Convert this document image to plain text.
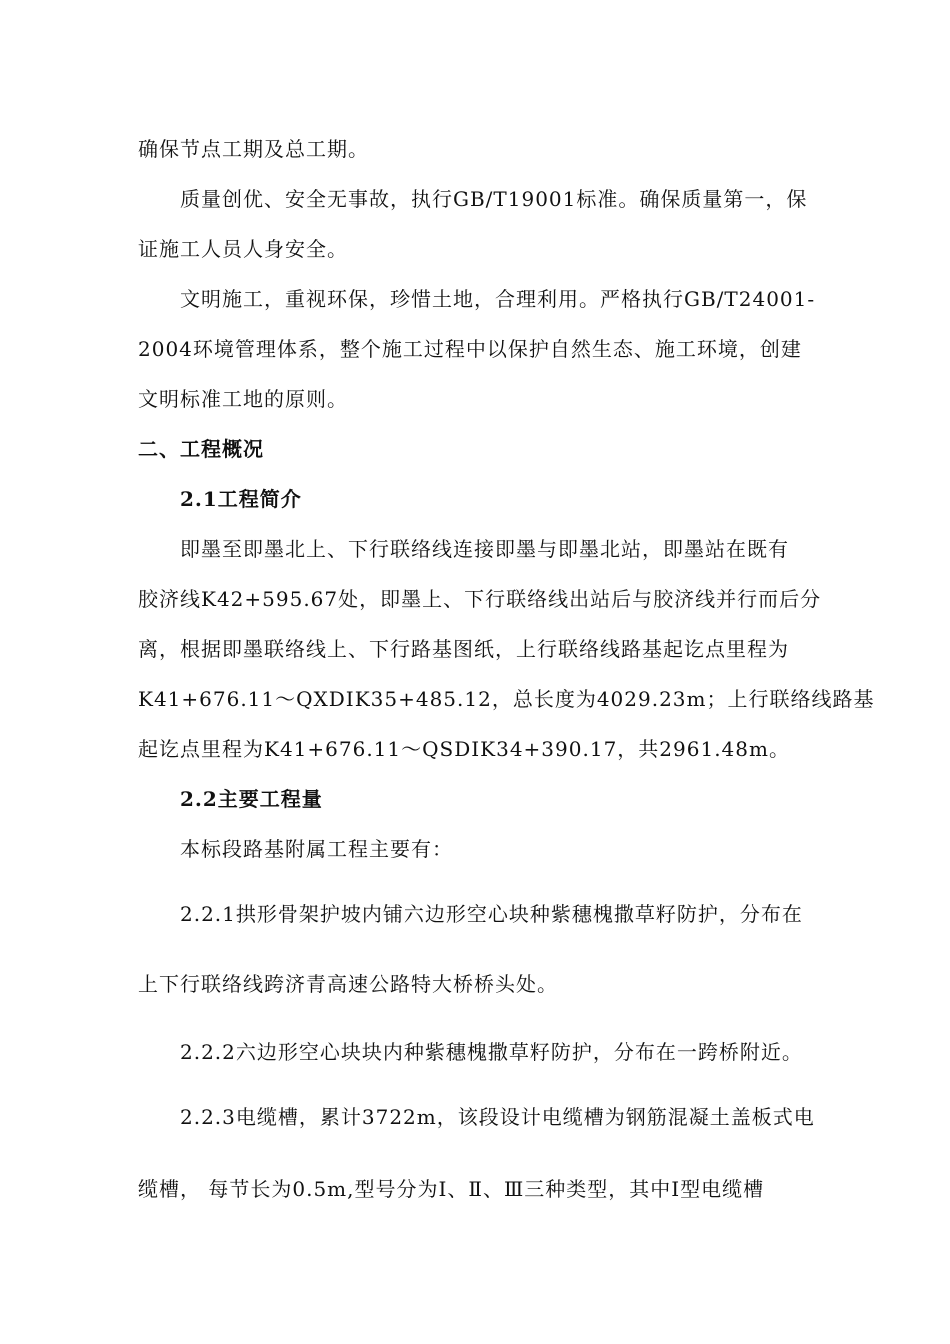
确保节点工期及总工期。
质量创优、安全无事故，执行GB/T19001标准。确保质量第一，保
证施工人员人身安全。
文明施工，重视环保，珍惜土地，合理利用。严格执行GB/T24001-
2004环境管理体系，整个施工过程中以保护自然生态、施工环境，创建
文明标准工地的原则。
二、工程概况
2.1工程简介
即墨至即墨北上、下行联络线连接即墨与即墨北站，即墨站在既有
胶济线K42+595.67处，即墨上、下行联络线出站后与胶济线并行而后分
离，根据即墨联络线上、下行路基图纸，上行联络线路基起讫点里程为
K41+676.11～QXDIK35+485.12，总长度为4029.23m；上行联络线路基
起讫点里程为K41+676.11～QSDIK34+390.17，共2961.48m。
2.2主要工程量
本标段路基附属工程主要有：
2.2.1拱形骨架护坡内铺六边形空心块种紫穗槐撒草籽防护，分布在
上下行联络线跨济青高速公路特大桥桥头处。
2.2.2六边形空心块块内种紫穗槐撒草籽防护，分布在一跨桥附近。
2.2.3电缆槽，累计3722m，该段设计电缆槽为钢筋混凝土盖板式电
缆槽， 每节长为0.5m,型号分为Ⅰ、Ⅱ、Ⅲ三种类型，其中Ⅰ型电缆槽
